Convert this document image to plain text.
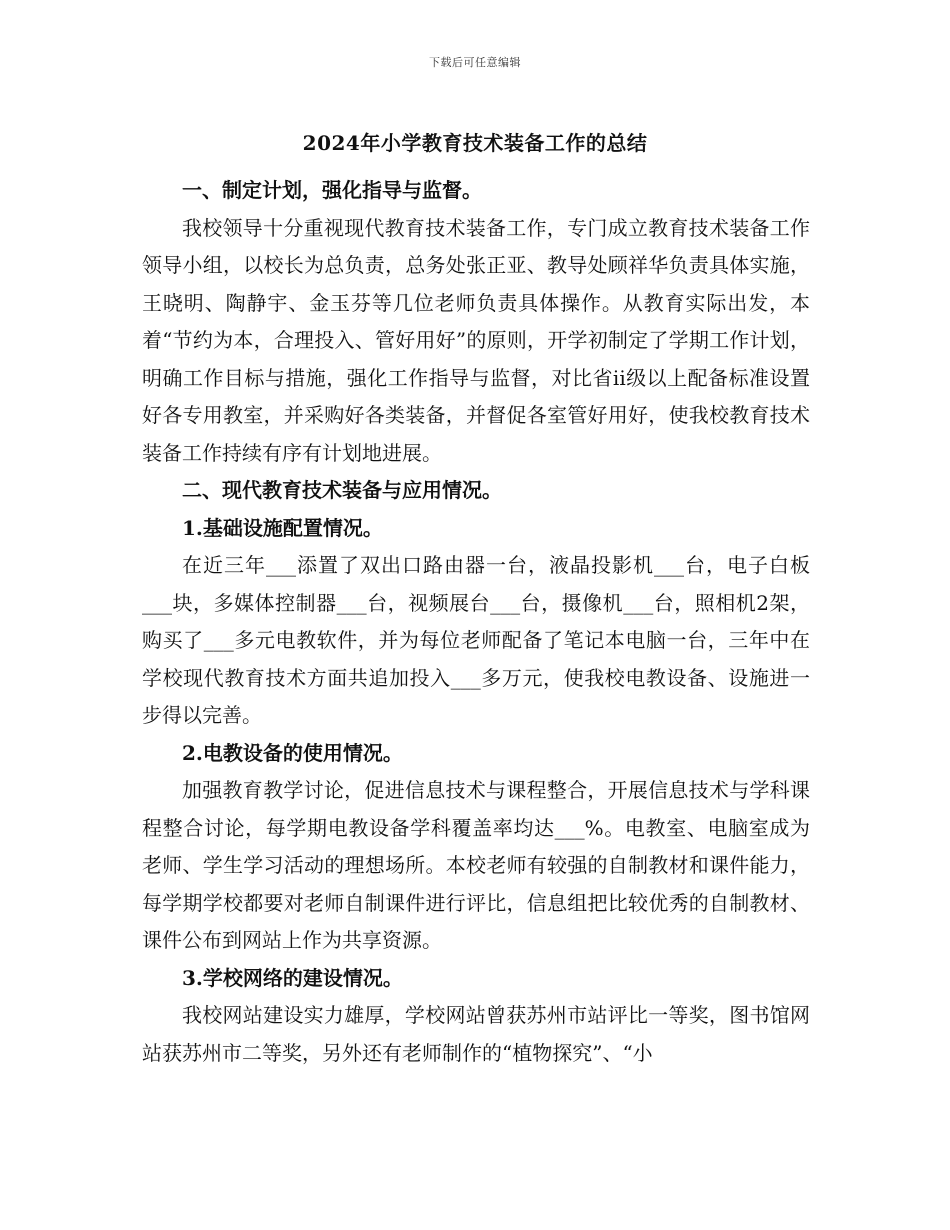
下载后可任意编辑
2024年小学教育技术装备工作的总结

一、制定计划，强化指导与监督。

我校领导十分重视现代教育技术装备工作，专门成立教育技术装备工作领导小组，以校长为总负责，总务处张正亚、教导处顾祥华负责具体实施，王晓明、陶静宇、金玉芬等几位老师负责具体操作。从教育实际出发，本着“节约为本，合理投入、管好用好”的原则，开学初制定了学期工作计划，明确工作目标与措施，强化工作指导与监督，对比省ii级以上配备标准设置好各专用教室，并采购好各类装备，并督促各室管好用好，使我校教育技术装备工作持续有序有计划地进展。

二、现代教育技术装备与应用情况。

1.基础设施配置情况。

在近三年___添置了双出口路由器一台，液晶投影机___台，电子白板___块，多媒体控制器___台，视频展台___台，摄像机___台，照相机2架，购买了___多元电教软件，并为每位老师配备了笔记本电脑一台，三年中在学校现代教育技术方面共追加投入___多万元，使我校电教设备、设施进一步得以完善。

2.电教设备的使用情况。

加强教育教学讨论，促进信息技术与课程整合，开展信息技术与学科课程整合讨论，每学期电教设备学科覆盖率均达___%。电教室、电脑室成为老师、学生学习活动的理想场所。本校老师有较强的自制教材和课件能力，每学期学校都要对老师自制课件进行评比，信息组把比较优秀的自制教材、课件公布到网站上作为共享资源。

3.学校网络的建设情况。

我校网站建设实力雄厚，学校网站曾获苏州市站评比一等奖，图书馆网站获苏州市二等奖，另外还有老师制作的“植物探究”、“小
